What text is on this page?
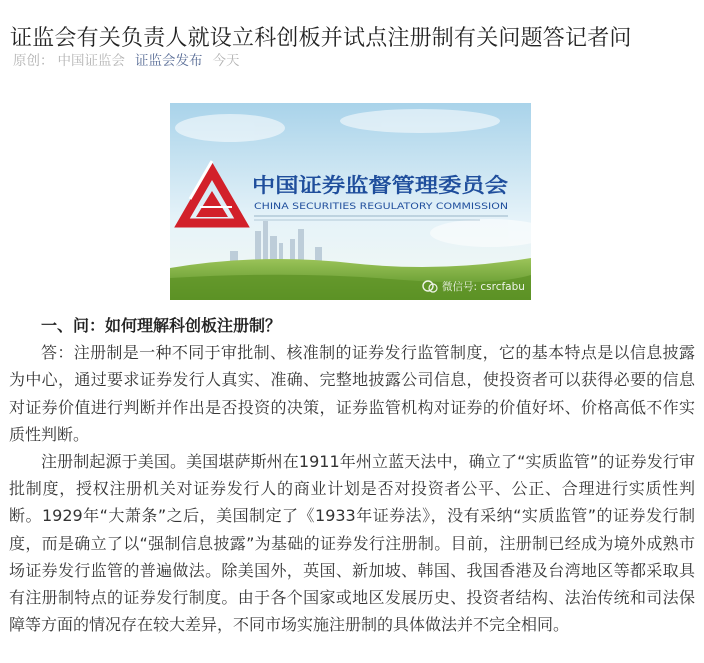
证监会有关负责人就设立科创板并试点注册制有关问题答记者问
原创： 中国证监会 证监会发布 今天
中国证券监督管理委员会
CHINA SECURITIES REGULATORY COMMISSION
微信号: csrcfabu

一、问：如何理解科创板注册制？

答：注册制是一种不同于审批制、核准制的证券发行监管制度，它的基本特点是以信息披露为中心，通过要求证券发行人真实、准确、完整地披露公司信息，使投资者可以获得必要的信息对证券价值进行判断并作出是否投资的决策，证券监管机构对证券的价值好坏、价格高低不作实质性判断。

注册制起源于美国。美国堪萨斯州在1911年州立蓝天法中，确立了“实质监管”的证券发行审批制度，授权注册机关对证券发行人的商业计划是否对投资者公平、公正、合理进行实质性判断。1929年“大萧条”之后，美国制定了《1933年证券法》，没有采纳“实质监管”的证券发行制度，而是确立了以“强制信息披露”为基础的证券发行注册制。目前，注册制已经成为境外成熟市场证券发行监管的普遍做法。除美国外，英国、新加坡、韩国、我国香港及台湾地区等都采取具有注册制特点的证券发行制度。由于各个国家或地区发展历史、投资者结构、法治传统和司法保障等方面的情况存在较大差异，不同市场实施注册制的具体做法并不完全相同。
